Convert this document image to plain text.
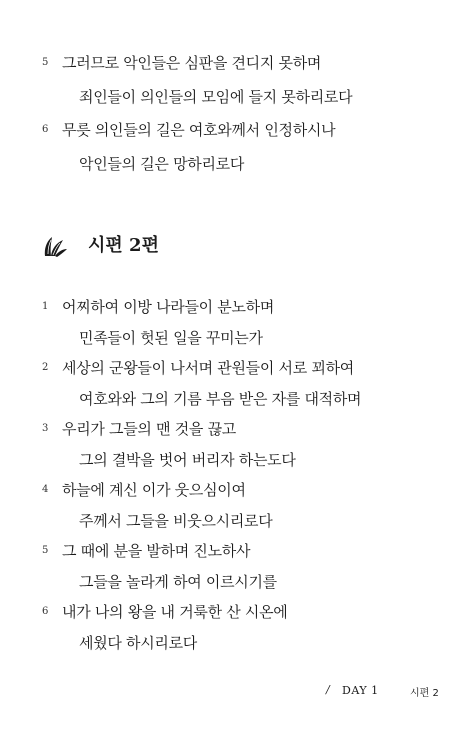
5 그러므로 악인들은 심판을 견디지 못하며
죄인들이 의인들의 모임에 들지 못하리로다
6 무릇 의인들의 길은 여호와께서 인정하시나
악인들의 길은 망하리로다
시편 2편
1 어찌하여 이방 나라들이 분노하며
민족들이 헛된 일을 꾸미는가
2 세상의 군왕들이 나서며 관원들이 서로 꾀하여
여호와와 그의 기름 부음 받은 자를 대적하며
3 우리가 그들의 맨 것을 끊고
그의 결박을 벗어 버리자 하는도다
4 하늘에 계신 이가 웃으심이여
주께서 그들을 비웃으시리로다
5 그 때에 분을 발하며 진노하사
그들을 놀라게 하여 이르시기를
6 내가 나의 왕을 내 거룩한 산 시온에
세웠다 하시리로다
/ DAY 1	시편 2
